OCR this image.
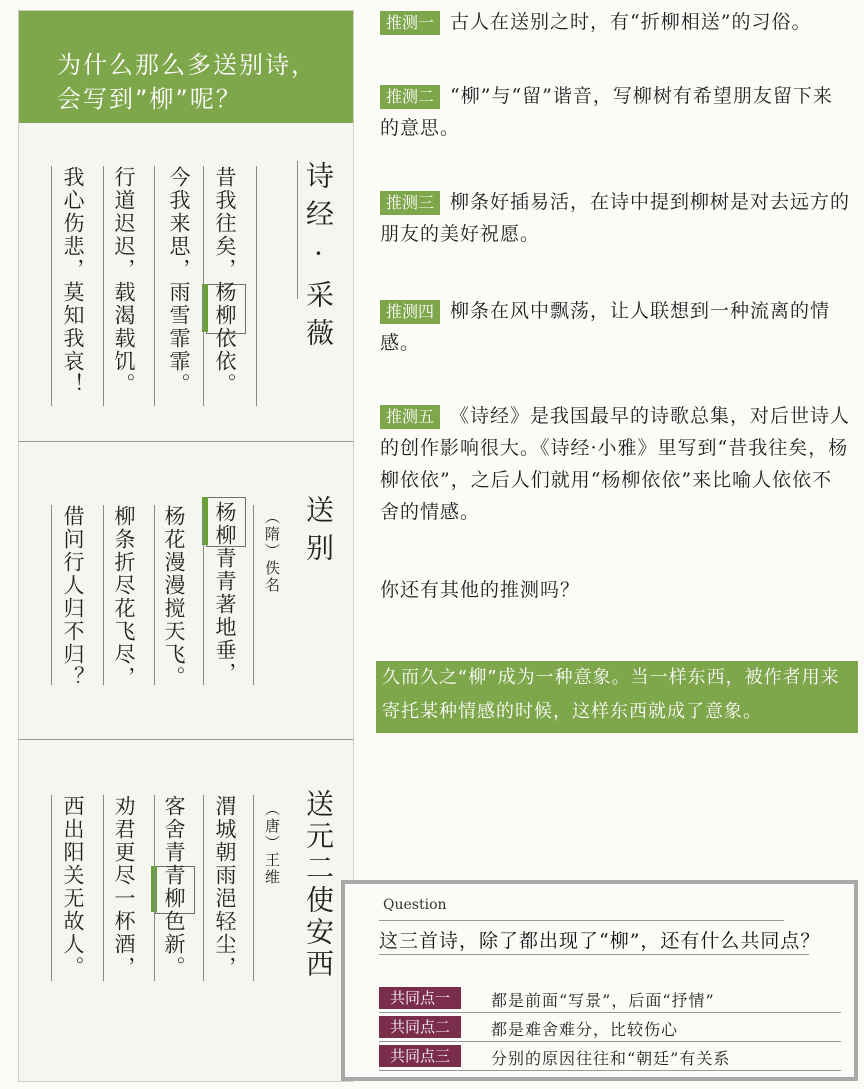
为什么那么多送别诗，
会写到”柳”呢？
诗经·采薇
昔我往矣，杨柳依依。
今我来思，雨雪霏霏。
行道迟迟，载渴载饥。
我心伤悲，莫知我哀！
送别
（隋）佚名
杨柳青青著地垂，
杨花漫漫搅天飞。
柳条折尽花飞尽，
借问行人归不归？
送元二使安西
（唐）王维
渭城朝雨浥轻尘，
客舍青青柳色新。
劝君更尽一杯酒，
西出阳关无故人。
推测一 古人在送别之时，有“折柳相送”的习俗。
推测二 “柳”与“留”谐音，写柳树有希望朋友留下来的意思。
推测三 柳条好插易活，在诗中提到柳树是对去远方的朋友的美好祝愿。
推测四 柳条在风中飘荡，让人联想到一种流离的情感。
推测五 《诗经》是我国最早的诗歌总集，对后世诗人的创作影响很大。《诗经·小雅》里写到“昔我往矣，杨柳依依”，之后人们就用“杨柳依依”来比喻人依依不舍的情感。
你还有其他的推测吗？
久而久之“柳”成为一种意象。当一样东西，被作者用来寄托某种情感的时候，这样东西就成了意象。
Question
这三首诗，除了都出现了“柳”，还有什么共同点？
共同点一	都是前面“写景”，后面“抒情”
共同点二	都是难舍难分，比较伤心
共同点三	分别的原因往往和“朝廷”有关系
